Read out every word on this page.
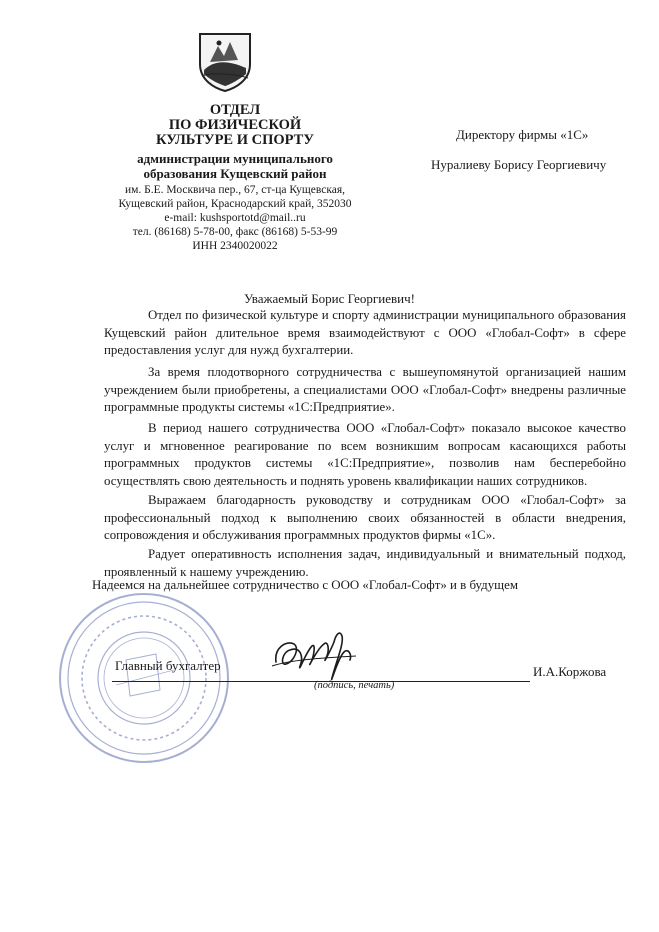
ОТДЕЛ
ПО ФИЗИЧЕСКОЙ
КУЛЬТУРЕ И СПОРТУ
администрации муниципального
образования Кущевский район
им. Б.Е. Москвича пер., 67, ст-ца Кущевская,
Кущевский район, Краснодарский край, 352030
e-mail: kushsportotd@mail..ru
тел. (86168) 5-78-00, факс (86168) 5-53-99
ИНН 2340020022
Директору фирмы «1С»
Нуралиеву Борису Георгиевичу
Уважаемый Борис Георгиевич!
Отдел по физической культуре и спорту администрации муниципального образования Кущевский район длительное время взаимодействуют с ООО «Глобал-Софт» в сфере предоставления услуг для нужд бухгалтерии.
За время плодотворного сотрудничества с вышеупомянутой организацией нашим учреждением были приобретены, а специалистами ООО «Глобал-Софт» внедрены различные программные продукты системы «1С:Предприятие».
В период нашего сотрудничества ООО «Глобал-Софт» показало высокое качество услуг и мгновенное реагирование по всем возникшим вопросам касающихся работы программных продуктов системы «1С:Предприятие», позволив нам бесперебойно осуществлять свою деятельность и поднять уровень квалификации наших сотрудников.
Выражаем благодарность руководству и сотрудникам ООО «Глобал-Софт» за профессиональный подход к выполнению своих обязанностей в области внедрения, сопровождения и обслуживания программных продуктов фирмы «1С».
Радует оперативность исполнения задач, индивидуальный и внимательный подход, проявленный к нашему учреждению.
Надеемся на дальнейшее сотрудничество с ООО «Глобал-Софт» и в будущем
Главный бухгалтер
(подпись, печать)
И.А.Коржова
